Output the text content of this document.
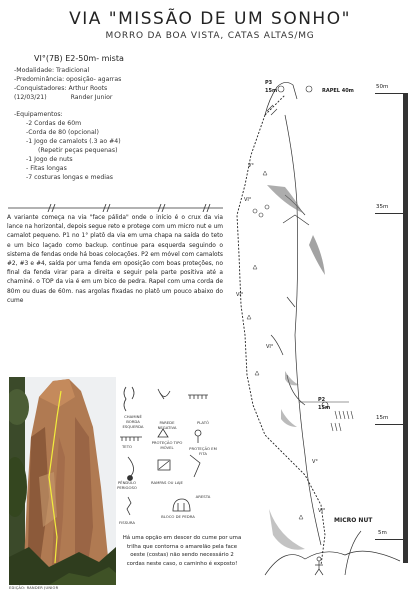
VIA "MISSÃO DE UM SONHO"
MORRO DA BOA VISTA, CATAS ALTAS/MG
VI°(7B) E2-50m- mista
-Modalidade: Tradicional
-Predominância: oposição- agarras
-Conquistadores: Arthur Roots
(12/03/21)	Rander Junior
-Equipamentos:
-2 Cordas de 60m
-Corda de 80 (opcional)
-1 Jogo de camalots (.3 ao #4)
(Repetir peças pequenas)
-1 Jogo de nuts
- Fitas longas
-7 costuras longas e medias
A variante começa na via "face pálida" onde o início é o crux da via lance na horizontal, depois segue reto e protege com um micro nut e um camalot pequeno. P1 no 1° platô da via em uma chapa na saída do teto e um bico laçado como backup. continue para esquerda seguindo o sistema de fendas onde há boas colocações. P2 em móvel com camalots #2, #3 e #4, saída por uma fenda em oposição com boas proteções, no final da fenda virar para a direita e seguir pela parte positiva até a chaminé. o TOP da via é em um bico de pedra. Rapel com uma corda de 80m ou duas de 60m. nas argolas fixadas no platô um pouco abaixo do cume
EDIÇÃO: RANDER JUNIOR
CHAMINÉ BORDA ESQUERDA
PAREDE NEGATIVA
PLATÔ
TETO
PROTEÇÃO TIPO MÓVEL	PROTEÇÃO EM FITA
PÊNDULO PERIGOSO
RAMPAS OU LAJE
ARESTA
FISSURA
BLOCO DE PEDRA
Há uma opção em descer do cume por uma trilha que contorna o amarelão pela face oeste (costas) não sendo necessário 2 cordas neste caso, o caminho é exposto!
P3
15m	RAPEL 40m
P2
15m
MICRO NUT
V°
VI°
VI°
VI°
V°
VI°
50m
35m
15m
5m
